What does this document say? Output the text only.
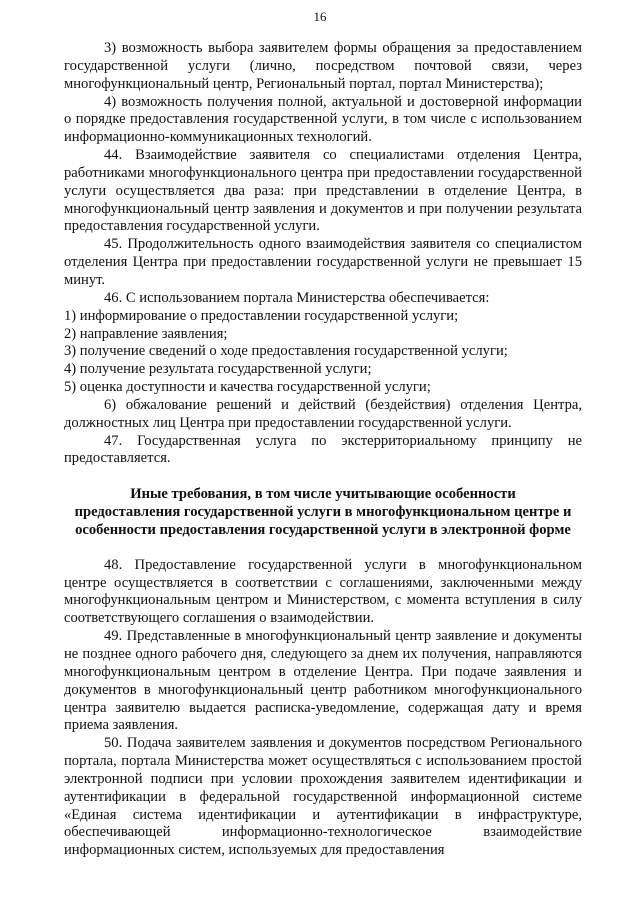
16

3) возможность выбора заявителем формы обращения за предоставлением государственной услуги (лично, посредством почтовой связи, через многофункциональный центр, Региональный портал, портал Министерства);

4) возможность получения полной, актуальной и достоверной информации о порядке предоставления государственной услуги, в том числе с использованием информационно-коммуникационных технологий.

44. Взаимодействие заявителя со специалистами отделения Центра, работниками многофункционального центра при предоставлении государственной услуги осуществляется два раза: при представлении в отделение Центра, в многофункциональный центр заявления и документов и при получении результата предоставления государственной услуги.

45. Продолжительность одного взаимодействия заявителя со специалистом отделения Центра при предоставлении государственной услуги не превышает 15 минут.

46. С использованием портала Министерства обеспечивается:

1) информирование о предоставлении государственной услуги;

2) направление заявления;

3) получение сведений о ходе предоставления государственной услуги;

4) получение результата государственной услуги;

5) оценка доступности и качества государственной услуги;

6) обжалование решений и действий (бездействия) отделения Центра, должностных лиц Центра при предоставлении государственной услуги.

47. Государственная услуга по экстерриториальному принципу не предоставляется.

Иные требования, в том числе учитывающие особенности
предоставления государственной услуги в многофункциональном центре и
особенности предоставления государственной услуги в электронной форме

48. Предоставление государственной услуги в многофункциональном центре осуществляется в соответствии с соглашениями, заключенными между многофункциональным центром и Министерством, с момента вступления в силу соответствующего соглашения о взаимодействии.

49. Представленные в многофункциональный центр заявление и документы не позднее одного рабочего дня, следующего за днем их получения, направляются многофункциональным центром в отделение Центра. При подаче заявления и документов в многофункциональный центр работником многофункционального центра заявителю выдается расписка-уведомление, содержащая дату и время приема заявления.

50. Подача заявителем заявления и документов посредством Регионального портала, портала Министерства может осуществляться с использованием простой электронной подписи при условии прохождения заявителем идентификации и аутентификации в федеральной государственной информационной системе «Единая система идентификации и аутентификации в инфраструктуре, обеспечивающей информационно-технологическое взаимодействие информационных систем, используемых для предоставления
